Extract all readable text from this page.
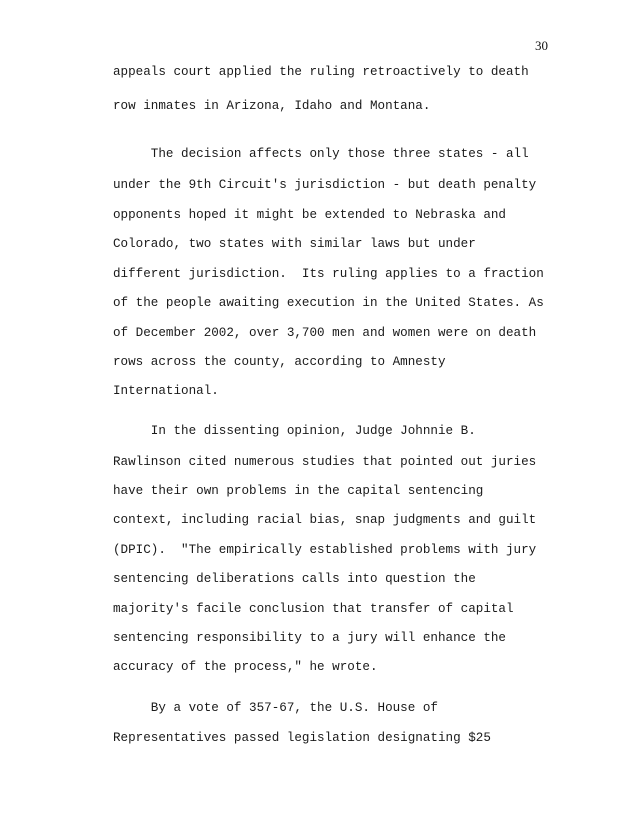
30
appeals court applied the ruling retroactively to death
row inmates in Arizona, Idaho and Montana.
The decision affects only those three states - all
under the 9th Circuit's jurisdiction - but death penalty
opponents hoped it might be extended to Nebraska and
Colorado, two states with similar laws but under
different jurisdiction.  Its ruling applies to a fraction
of the people awaiting execution in the United States. As
of December 2002, over 3,700 men and women were on death
rows across the county, according to Amnesty
International.
In the dissenting opinion, Judge Johnnie B.
Rawlinson cited numerous studies that pointed out juries
have their own problems in the capital sentencing
context, including racial bias, snap judgments and guilt
(DPIC).  "The empirically established problems with jury
sentencing deliberations calls into question the
majority's facile conclusion that transfer of capital
sentencing responsibility to a jury will enhance the
accuracy of the process," he wrote.
By a vote of 357-67, the U.S. House of
Representatives passed legislation designating $25
